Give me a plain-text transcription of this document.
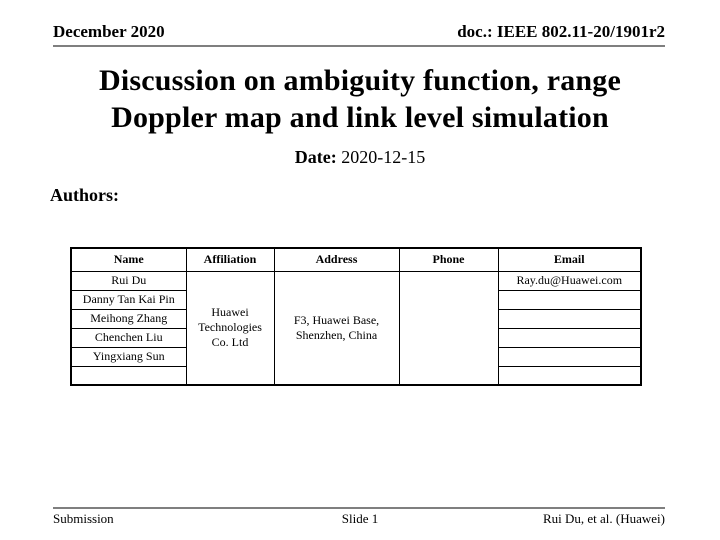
December 2020	doc.: IEEE 802.11-20/1901r2
Discussion on ambiguity function, range
Doppler map and link level simulation
Date: 2020-12-15
Authors:
Name	Affiliation	Address	Phone	Email
Rui Du	Huawei Technologies Co. Ltd	F3, Huawei Base, Shenzhen, China		Ray.du@Huawei.com
Danny Tan Kai Pin				
Meihong Zhang				
Chenchen Liu				
Yingxiang Sun				

Submission	Slide 1	Rui Du, et al. (Huawei)
